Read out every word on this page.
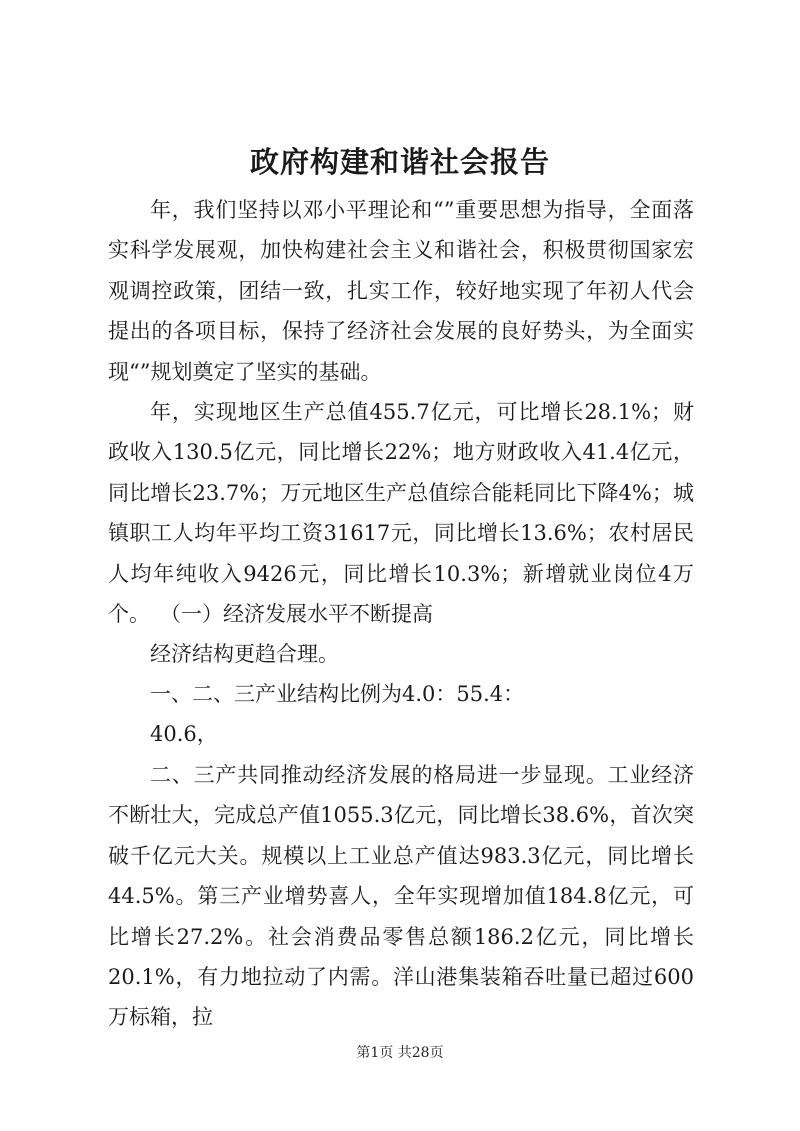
政府构建和谐社会报告

年，我们坚持以邓小平理论和“”重要思想为指导，全面落实科学发展观，加快构建社会主义和谐社会，积极贯彻国家宏观调控政策，团结一致，扎实工作，较好地实现了年初人代会提出的各项目标，保持了经济社会发展的良好势头，为全面实现“”规划奠定了坚实的基础。

年，实现地区生产总值455.7亿元，可比增长28.1%；财政收入130.5亿元，同比增长22%；地方财政收入41.4亿元，同比增长23.7%；万元地区生产总值综合能耗同比下降4%；城镇职工人均年平均工资31617元，同比增长13.6%；农村居民人均年纯收入9426元，同比增长10.3%；新增就业岗位4万个。 （一）经济发展水平不断提高

经济结构更趋合理。

一、二、三产业结构比例为4.0：55.4：

40.6，

二、三产共同推动经济发展的格局进一步显现。工业经济不断壮大，完成总产值1055.3亿元，同比增长38.6%，首次突破千亿元大关。规模以上工业总产值达983.3亿元，同比增长44.5%。第三产业增势喜人，全年实现增加值184.8亿元，可比增长27.2%。社会消费品零售总额186.2亿元，同比增长20.1%，有力地拉动了内需。洋山港集装箱吞吐量已超过600万标箱，拉

第1页 共28页
